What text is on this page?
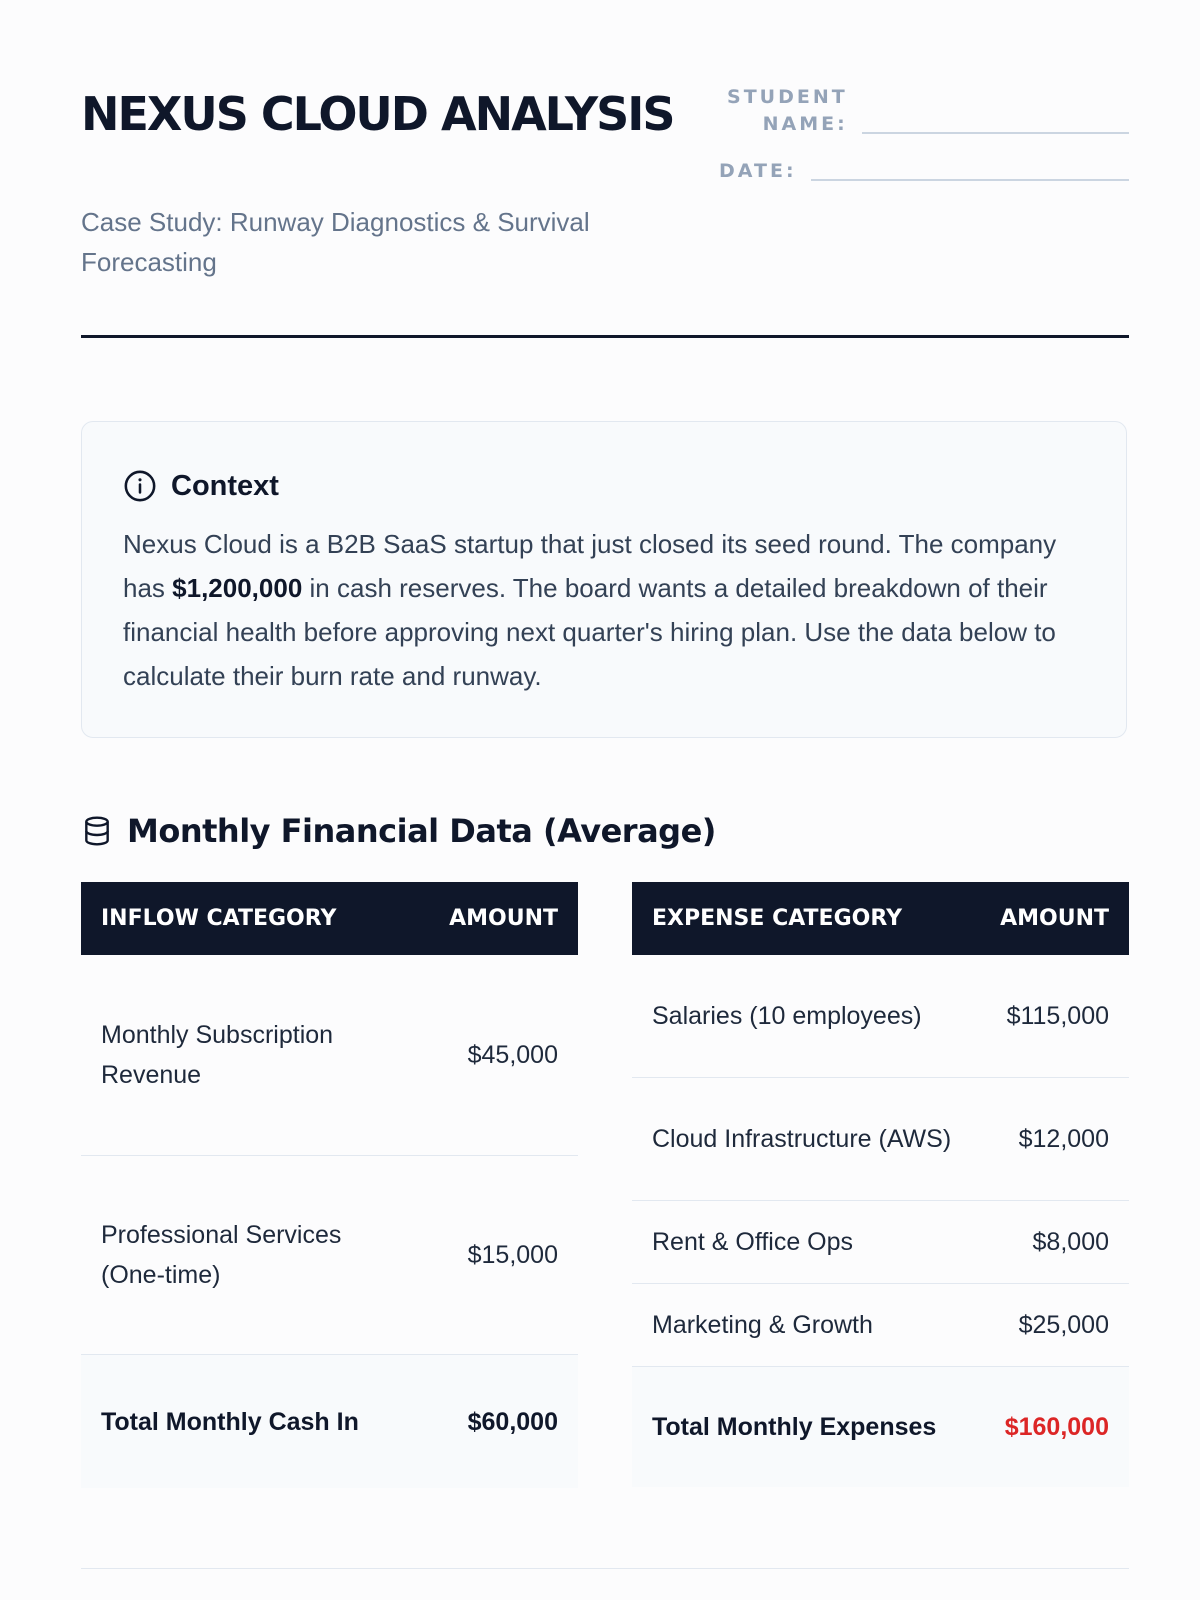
NEXUS CLOUD ANALYSIS
Case Study: Runway Diagnostics & Survival Forecasting
STUDENT NAME:
DATE:
Context
Nexus Cloud is a B2B SaaS startup that just closed its seed round. The company has $1,200,000 in cash reserves. The board wants a detailed breakdown of their financial health before approving next quarter's hiring plan. Use the data below to calculate their burn rate and runway.
Monthly Financial Data (Average)
INFLOW CATEGORY	AMOUNT
Monthly Subscription Revenue	$45,000
Professional Services (One-time)	$15,000
Total Monthly Cash In	$60,000
EXPENSE CATEGORY	AMOUNT
Salaries (10 employees)	$115,000
Cloud Infrastructure (AWS)	$12,000
Rent & Office Ops	$8,000
Marketing & Growth	$25,000
Total Monthly Expenses	$160,000
